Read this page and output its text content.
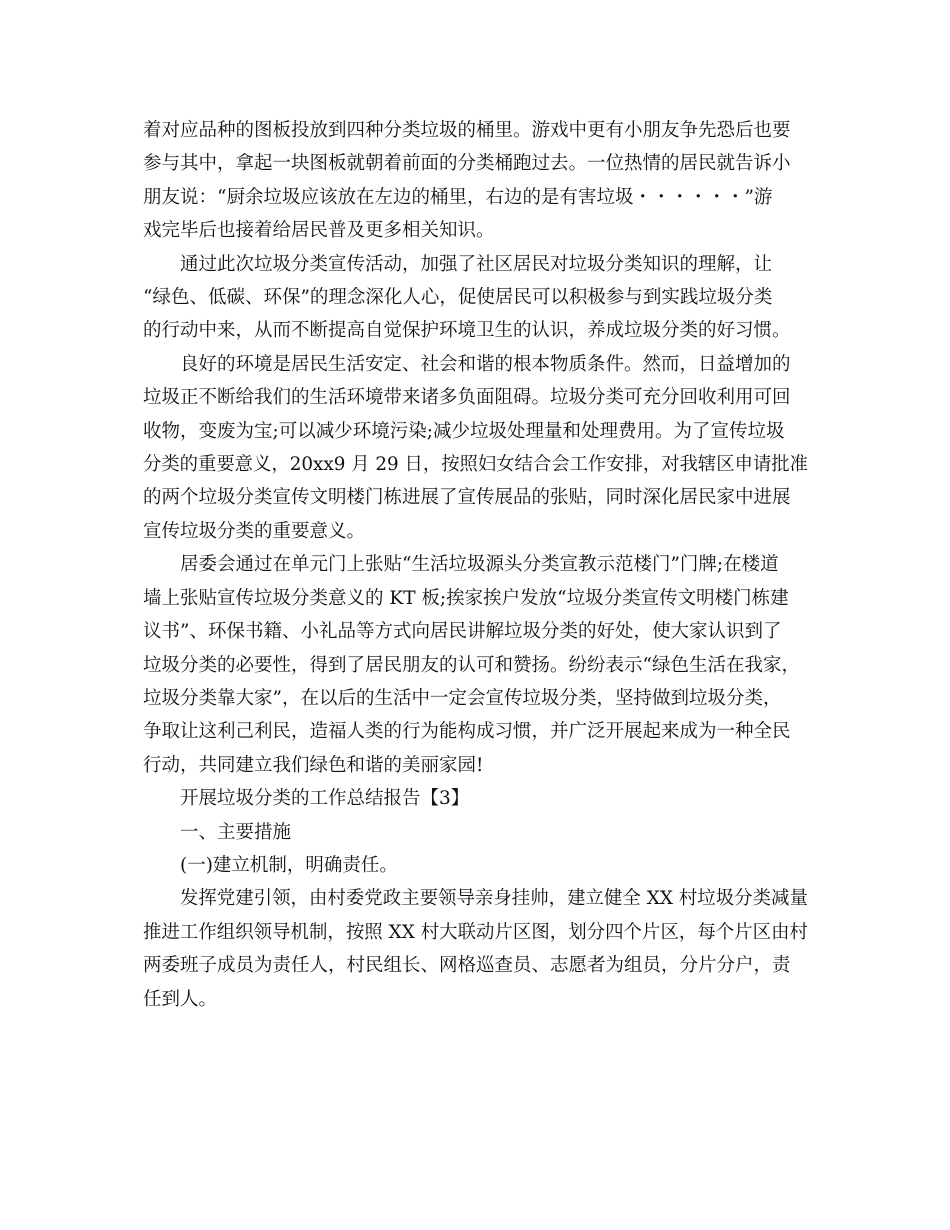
着对应品种的图板投放到四种分类垃圾的桶里。游戏中更有小朋友争先恐后也要
参与其中，拿起一块图板就朝着前面的分类桶跑过去。一位热情的居民就告诉小
朋友说：“厨余垃圾应该放在左边的桶里，右边的是有害垃圾・・・・・・”游
戏完毕后也接着给居民普及更多相关知识。

通过此次垃圾分类宣传活动，加强了社区居民对垃圾分类知识的理解，让
“绿色、低碳、环保”的理念深化人心，促使居民可以积极参与到实践垃圾分类
的行动中来，从而不断提高自觉保护环境卫生的认识，养成垃圾分类的好习惯。

良好的环境是居民生活安定、社会和谐的根本物质条件。然而，日益增加的
垃圾正不断给我们的生活环境带来诸多负面阻碍。垃圾分类可充分回收利用可回
收物，变废为宝;可以减少环境污染;减少垃圾处理量和处理费用。为了宣传垃圾
分类的重要意义，20xx9 月 29 日，按照妇女结合会工作安排，对我辖区申请批准
的两个垃圾分类宣传文明楼门栋进展了宣传展品的张贴，同时深化居民家中进展
宣传垃圾分类的重要意义。

居委会通过在单元门上张贴“生活垃圾源头分类宣教示范楼门”门牌;在楼道
墙上张贴宣传垃圾分类意义的 KT 板;挨家挨户发放“垃圾分类宣传文明楼门栋建
议书”、环保书籍、小礼品等方式向居民讲解垃圾分类的好处，使大家认识到了
垃圾分类的必要性，得到了居民朋友的认可和赞扬。纷纷表示“绿色生活在我家，
垃圾分类靠大家”，在以后的生活中一定会宣传垃圾分类，坚持做到垃圾分类，
争取让这利己利民，造福人类的行为能构成习惯，并广泛开展起来成为一种全民
行动，共同建立我们绿色和谐的美丽家园!

开展垃圾分类的工作总结报告【3】

一、主要措施

(一)建立机制，明确责任。

发挥党建引领，由村委党政主要领导亲身挂帅，建立健全 XX 村垃圾分类减量
推进工作组织领导机制，按照 XX 村大联动片区图，划分四个片区，每个片区由村
两委班子成员为责任人，村民组长、网格巡查员、志愿者为组员，分片分户，责
任到人。
